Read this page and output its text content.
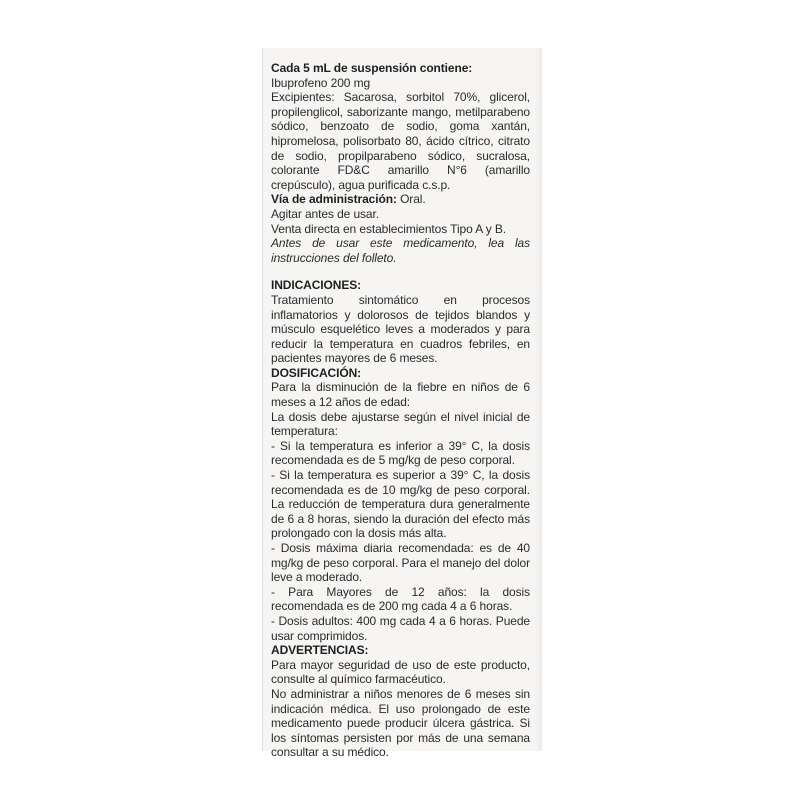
Cada 5 mL de suspensión contiene:

Ibuprofeno 200 mg

Excipientes: Sacarosa, sorbitol 70%, glicerol, propilenglicol, saborizante mango, metilparabeno sódico, benzoato de sodio, goma xantán, hipromelosa, polisorbato 80, ácido cítrico, citrato de sodio, propilparabeno sódico, sucralosa, colorante FD&C amarillo N°6 (amarillo crepúsculo), agua purificada c.s.p.

Vía de administración: Oral.

Agitar antes de usar.

Venta directa en establecimientos Tipo A y B.

Antes de usar este medicamento, lea las instrucciones del folleto.

INDICACIONES:

Tratamiento sintomático en procesos inflamatorios y dolorosos de tejidos blandos y músculo esquelético leves a moderados y para reducir la temperatura en cuadros febriles, en pacientes mayores de 6 meses.

DOSIFICACIÓN:

Para la disminución de la fiebre en niños de 6 meses a 12 años de edad:

La dosis debe ajustarse según el nivel inicial de temperatura:

- Si la temperatura es inferior a 39° C, la dosis recomendada es de 5 mg/kg de peso corporal.

- Si la temperatura es superior a 39° C, la dosis recomendada es de 10 mg/kg de peso corporal. La reducción de temperatura dura generalmente de 6 a 8 horas, siendo la duración del efecto más prolongado con la dosis más alta.

- Dosis máxima diaria recomendada: es de 40 mg/kg de peso corporal. Para el manejo del dolor leve a moderado.

- Para Mayores de 12 años: la dosis recomendada es de 200 mg cada 4 a 6 horas.

- Dosis adultos: 400 mg cada 4 a 6 horas. Puede usar comprimidos.

ADVERTENCIAS:

Para mayor seguridad de uso de este producto, consulte al químico farmacéutico.

No administrar a niños menores de 6 meses sin indicación médica. El uso prolongado de este medicamento puede producir úlcera gástrica. Si los síntomas persisten por más de una semana consultar a su médico.
